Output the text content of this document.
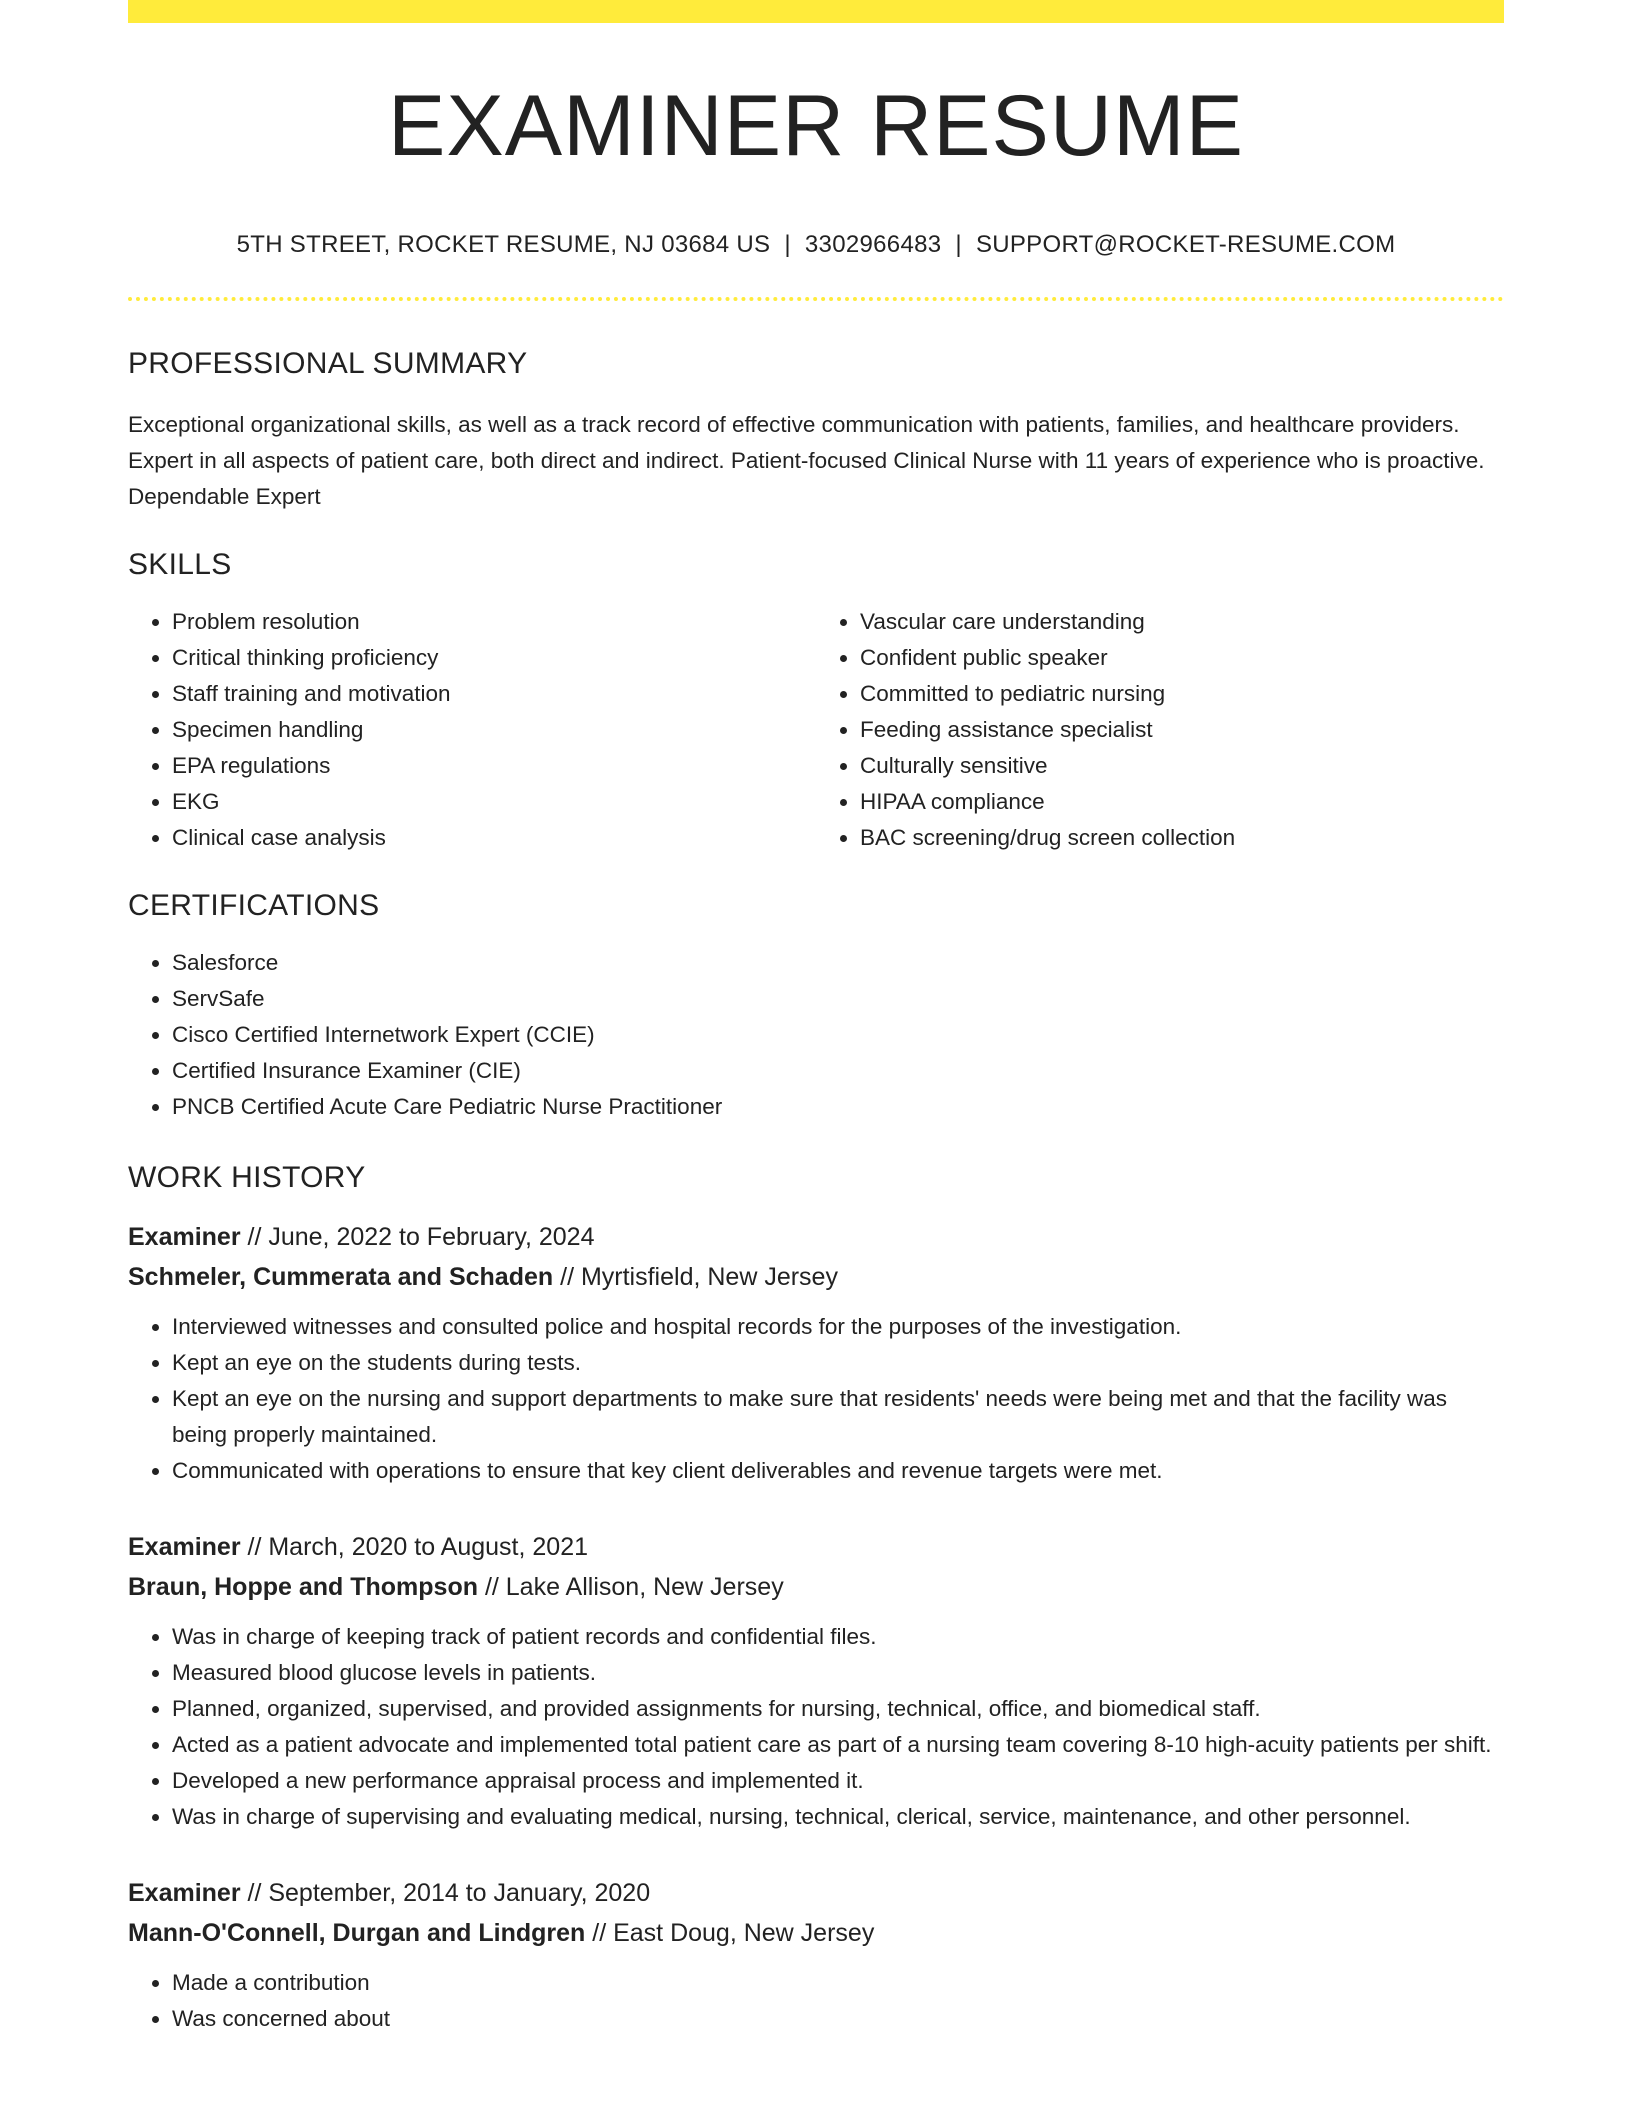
EXAMINER RESUME
5TH STREET, ROCKET RESUME, NJ 03684 US | 3302966483 | SUPPORT@ROCKET-RESUME.COM
PROFESSIONAL SUMMARY
Exceptional organizational skills, as well as a track record of effective communication with patients, families, and healthcare providers. Expert in all aspects of patient care, both direct and indirect. Patient-focused Clinical Nurse with 11 years of experience who is proactive. Dependable Expert
SKILLS
• Problem resolution
• Critical thinking proficiency
• Staff training and motivation
• Specimen handling
• EPA regulations
• EKG
• Clinical case analysis
• Vascular care understanding
• Confident public speaker
• Committed to pediatric nursing
• Feeding assistance specialist
• Culturally sensitive
• HIPAA compliance
• BAC screening/drug screen collection
CERTIFICATIONS
• Salesforce
• ServSafe
• Cisco Certified Internetwork Expert (CCIE)
• Certified Insurance Examiner (CIE)
• PNCB Certified Acute Care Pediatric Nurse Practitioner
WORK HISTORY
Examiner // June, 2022 to February, 2024
Schmeler, Cummerata and Schaden // Myrtisfield, New Jersey
• Interviewed witnesses and consulted police and hospital records for the purposes of the investigation.
• Kept an eye on the students during tests.
• Kept an eye on the nursing and support departments to make sure that residents' needs were being met and that the facility was being properly maintained.
• Communicated with operations to ensure that key client deliverables and revenue targets were met.
Examiner // March, 2020 to August, 2021
Braun, Hoppe and Thompson // Lake Allison, New Jersey
• Was in charge of keeping track of patient records and confidential files.
• Measured blood glucose levels in patients.
• Planned, organized, supervised, and provided assignments for nursing, technical, office, and biomedical staff.
• Acted as a patient advocate and implemented total patient care as part of a nursing team covering 8-10 high-acuity patients per shift.
• Developed a new performance appraisal process and implemented it.
• Was in charge of supervising and evaluating medical, nursing, technical, clerical, service, maintenance, and other personnel.
Examiner // September, 2014 to January, 2020
Mann-O'Connell, Durgan and Lindgren // East Doug, New Jersey
• Made a contribution
• Was concerned about
